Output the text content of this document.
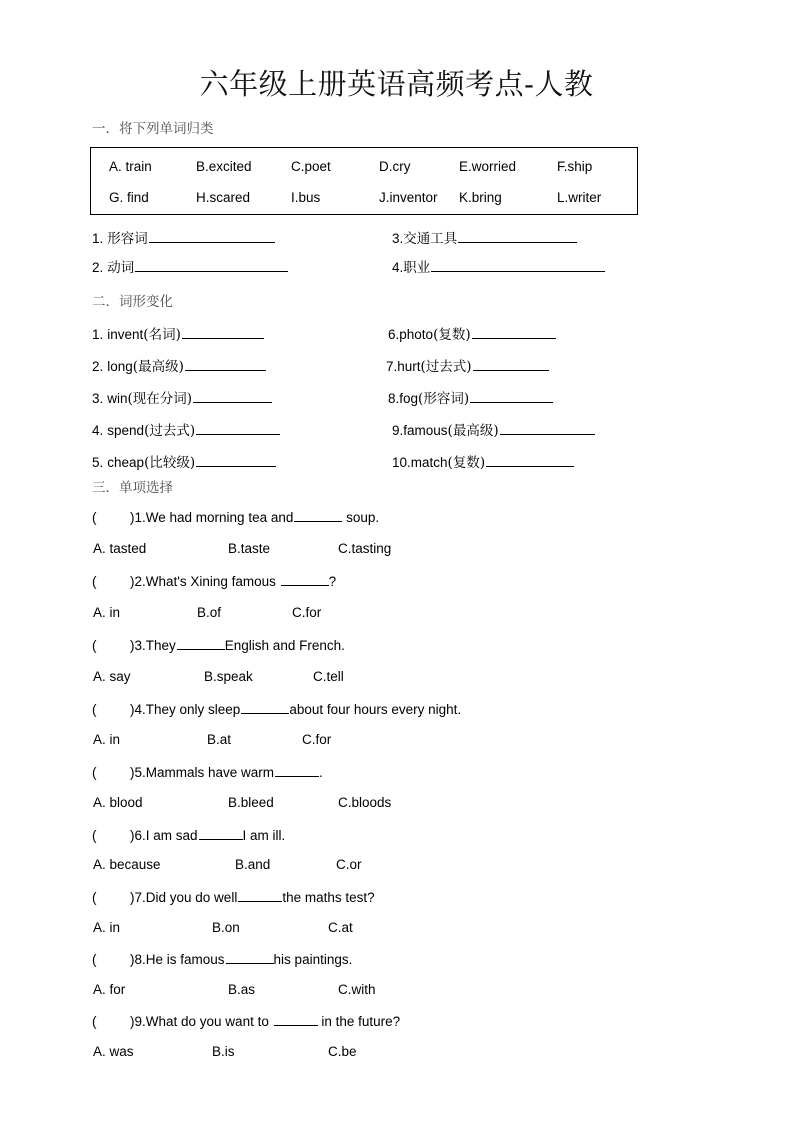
六年级上册英语高频考点-人教
一．将下列单词归类
A. train	B.excited	C.poet	D.cry	E.worried	F.ship
G. find	H.scared	I.bus	J.inventor K.bring	L.writer
1. 形容词
2. 动词
3.交通工具
4.职业
二．词形变化
1. invent(名词)
2. long(最高级)
3. win(现在分词)
4. spend(过去式)
5. cheap(比较级)
6.photo(复数)
7.hurt(过去式)
8.fog(形容词)
9.famous(最高级)
10.match(复数)
三．单项选择
( )1.We had morning tea and	soup.
A. tasted	B.taste	C.tasting
( )2.What's Xining famous	?
A. in	B.of	C.for
( )3.They	English and French.
A. say	B.speak	C.tell
( )4.They only sleep	about four hours every night.
A. in	B.at	C.for
( )5.Mammals have warm	.
A. blood	B.bleed	C.bloods
( )6.I am sad	I am ill.
A. because	B.and	C.or
( )7.Did you do well	the maths test?
A. in	B.on	C.at
( )8.He is famous	his paintings.
A. for	B.as	C.with
( )9.What do you want to	in the future?
A. was	B.is	C.be
